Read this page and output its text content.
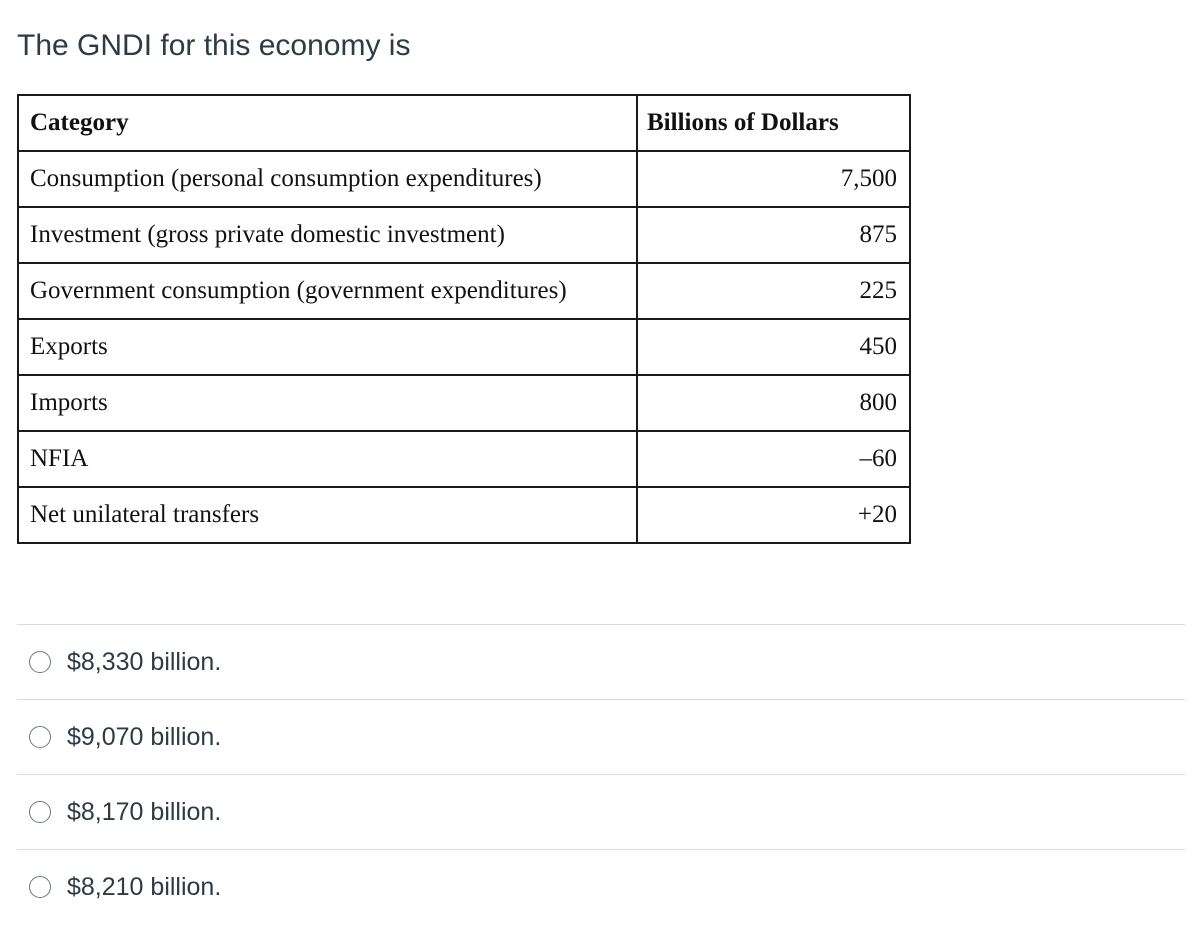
The GNDI for this economy is
Category	Billions of Dollars
Consumption (personal consumption expenditures)	7,500
Investment (gross private domestic investment)	875
Government consumption (government expenditures)	225
Exports	450
Imports	800
NFIA	–60
Net unilateral transfers	+20
$8,330 billion.
$9,070 billion.
$8,170 billion.
$8,210 billion.
